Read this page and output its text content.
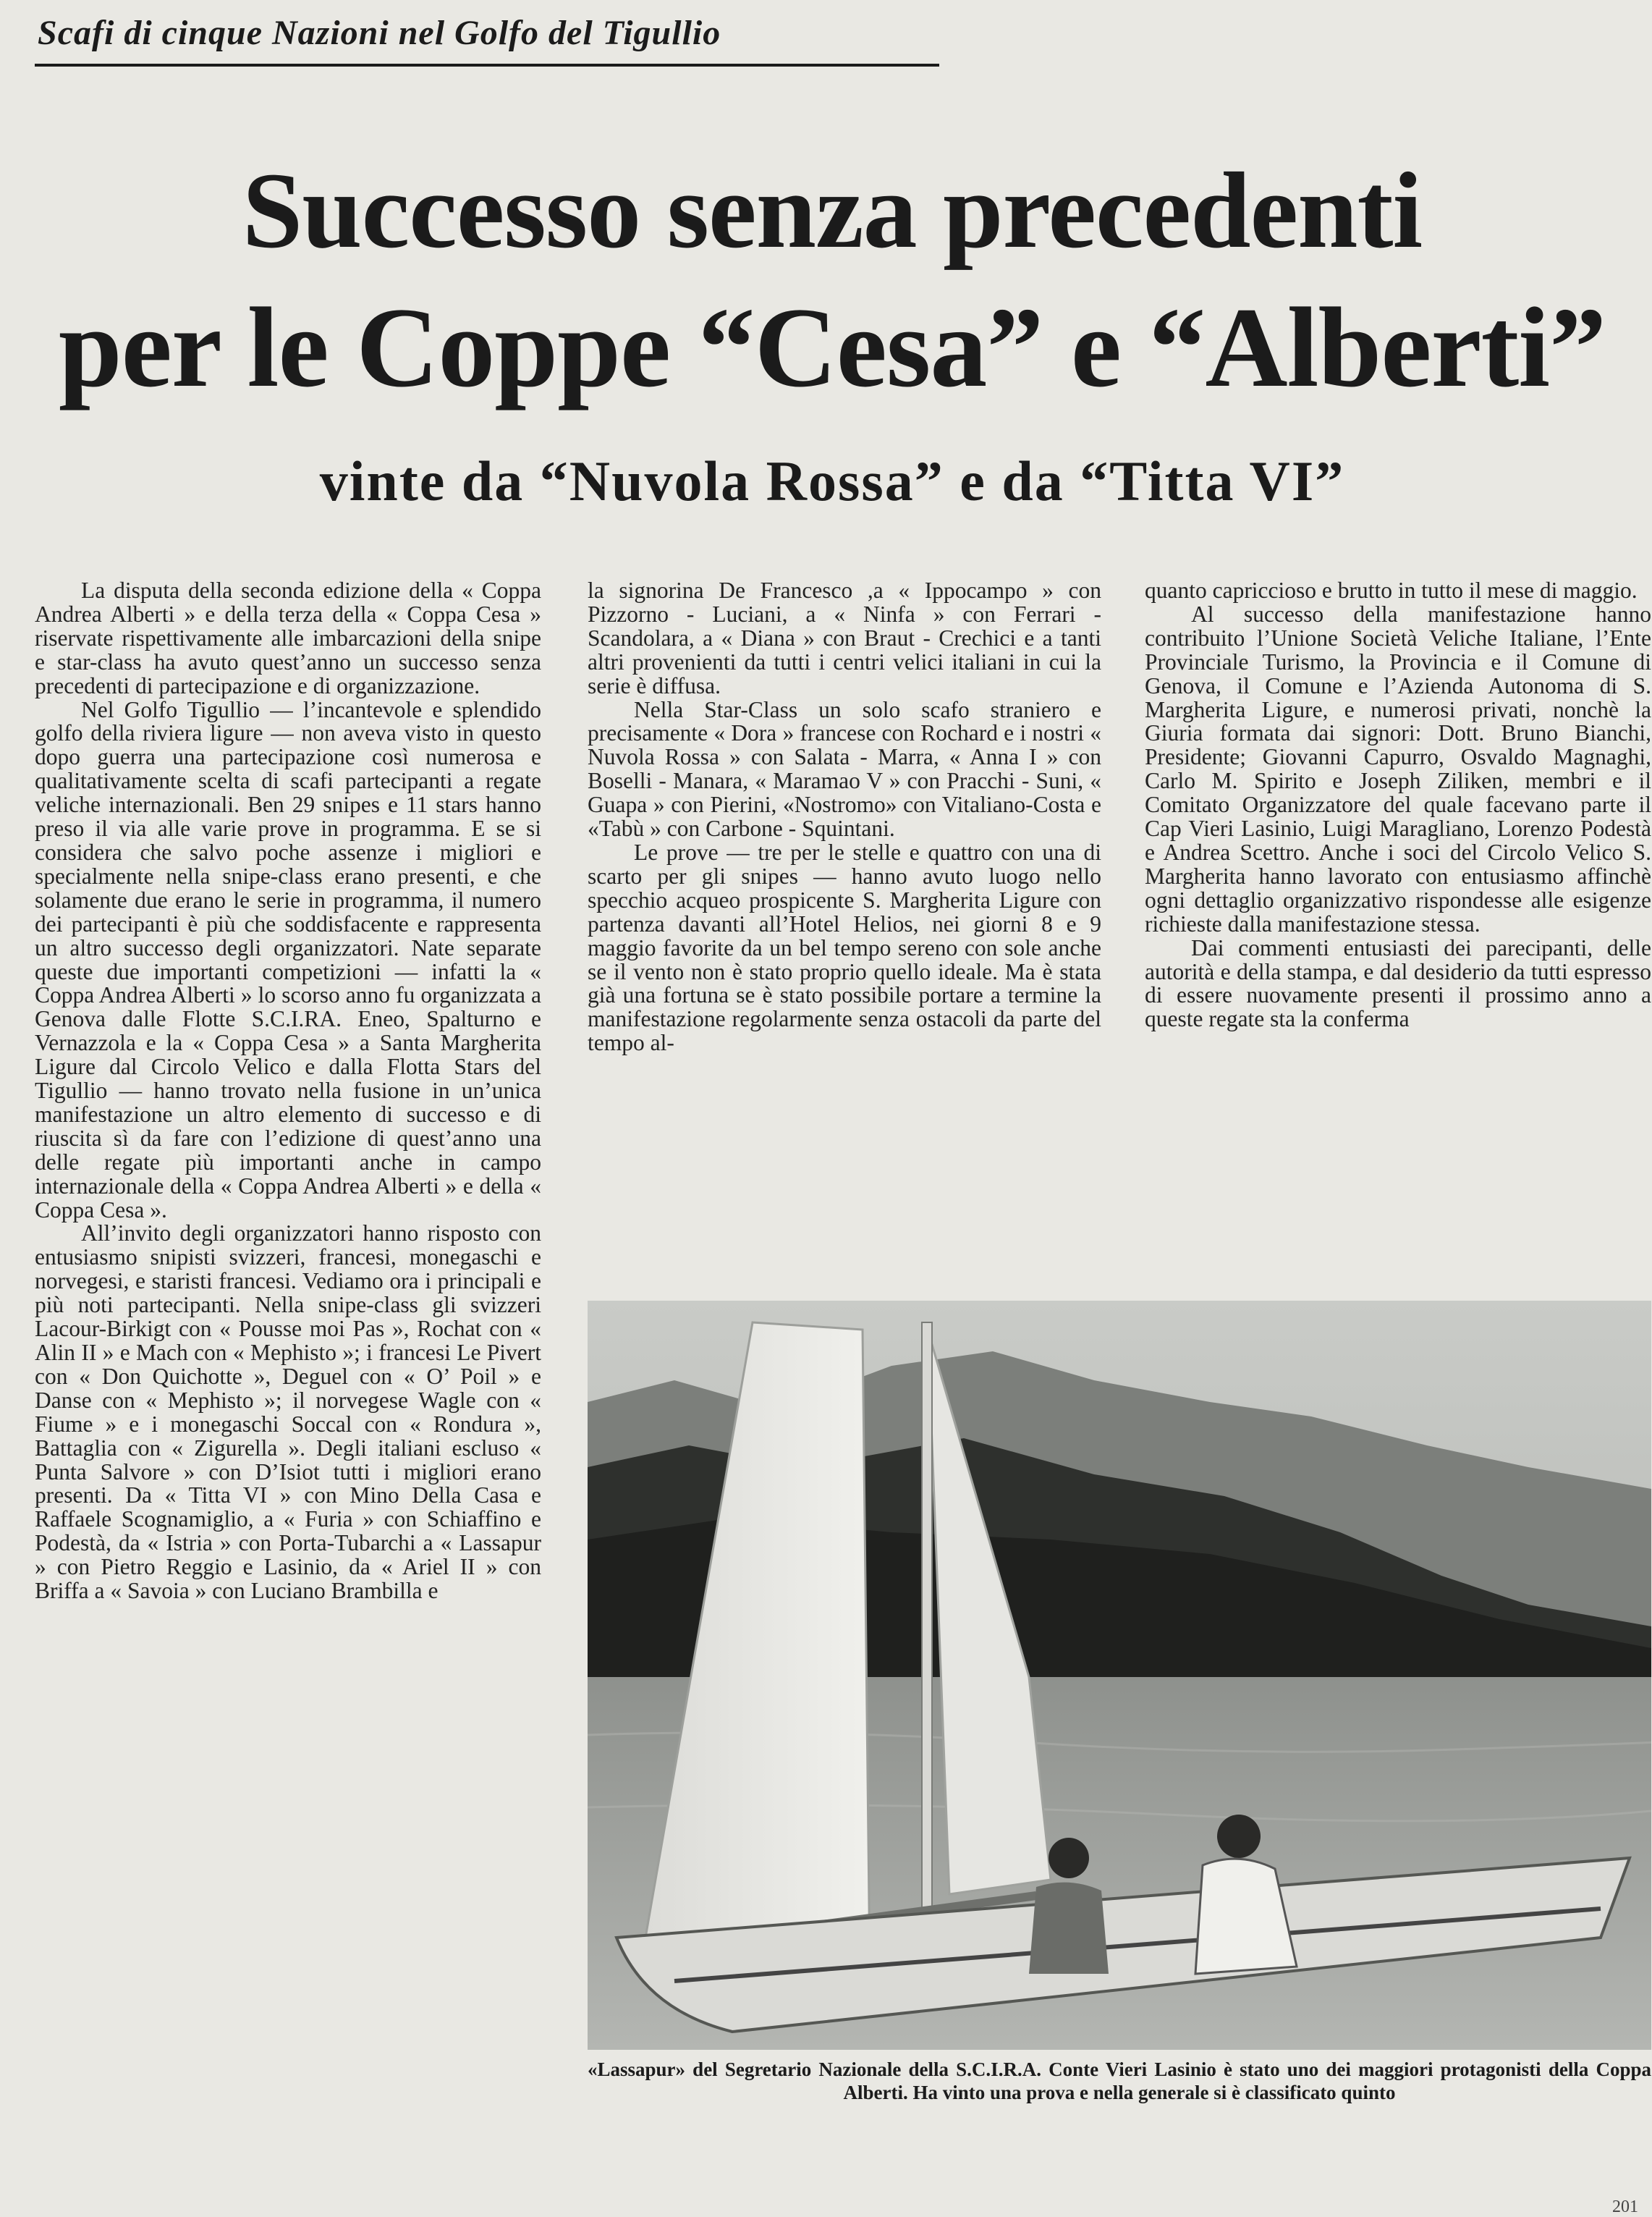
Scafi di cinque Nazioni nel Golfo del Tigullio
Successo senza precedenti
per le Coppe “Cesa” e “Alberti”
vinte da “Nuvola Rossa” e da “Titta VI”

La disputa della seconda edizione della « Coppa Andrea Alberti » e della terza della « Coppa Cesa » riservate rispettivamente alle imbarcazioni della snipe e star-class ha avuto quest’anno un successo senza precedenti di partecipazione e di organizzazione.

Nel Golfo Tigullio — l’incantevole e splendido golfo della riviera ligure — non aveva visto in questo dopo guerra una partecipazione così numerosa e qualitativamente scelta di scafi partecipanti a regate veliche internazionali. Ben 29 snipes e 11 stars hanno preso il via alle varie prove in programma. E se si considera che salvo poche assenze i migliori e specialmente nella snipe-class erano presenti, e che solamente due erano le serie in programma, il numero dei partecipanti è più che soddisfacente e rappresenta un altro successo degli organizzatori. Nate separate queste due importanti competizioni — infatti la « Coppa Andrea Alberti » lo scorso anno fu organizzata a Genova dalle Flotte S.C.I.RA. Eneo, Spalturno e Vernazzola e la « Coppa Cesa » a Santa Margherita Ligure dal Circolo Velico e dalla Flotta Stars del Tigullio — hanno trovato nella fusione in un’unica manifestazione un altro elemento di successo e di riuscita sì da fare con l’edizione di quest’anno una delle regate più importanti anche in campo internazionale della « Coppa Andrea Alberti » e della « Coppa Cesa ».

All’invito degli organizzatori hanno risposto con entusiasmo snipisti svizzeri, francesi, monegaschi e norvegesi, e staristi francesi. Vediamo ora i principali e più noti partecipanti. Nella snipe-class gli svizzeri Lacour-Birkigt con « Pousse moi Pas », Rochat con « Alin II » e Mach con « Mephisto »; i francesi Le Pivert con « Don Quichotte », Deguel con « O’ Poil » e Danse con « Mephisto »; il norvegese Wagle con « Fiume » e i monegaschi Soccal con « Rondura », Battaglia con « Zigurella ». Degli italiani escluso « Punta Salvore » con D’Isiot tutti i migliori erano presenti. Da « Titta VI » con Mino Della Casa e Raffaele Scognamiglio, a « Furia » con Schiaffino e Podestà, da « Istria » con Porta-Tubarchi a « Lassapur » con Pietro Reggio e Lasinio, da « Ariel II » con Briffa a « Savoia » con Luciano Brambilla e

la signorina De Francesco ,a « Ippocampo » con Pizzorno - Luciani, a « Ninfa » con Ferrari - Scandolara, a « Diana » con Braut - Crechici e a tanti altri provenienti da tutti i centri velici italiani in cui la serie è diffusa.

Nella Star-Class un solo scafo straniero e precisamente « Dora » francese con Rochard e i nostri « Nuvola Rossa » con Salata - Marra, « Anna I » con Boselli - Manara, « Maramao V » con Pracchi - Suni, « Guapa » con Pierini, «Nostromo» con Vitaliano-Costa e «Tabù » con Carbone - Squintani.

Le prove — tre per le stelle e quattro con una di scarto per gli snipes — hanno avuto luogo nello specchio acqueo prospicente S. Margherita Ligure con partenza davanti all’Hotel Helios, nei giorni 8 e 9 maggio favorite da un bel tempo sereno con sole anche se il vento non è stato proprio quello ideale. Ma è stata già una fortuna se è stato possibile portare a termine la manifestazione regolarmente senza ostacoli da parte del tempo al-

quanto capriccioso e brutto in tutto il mese di maggio.

Al successo della manifestazione hanno contribuito l’Unione Società Veliche Italiane, l’Ente Provinciale Turismo, la Provincia e il Comune di Genova, il Comune e l’Azienda Autonoma di S. Margherita Ligure, e numerosi privati, nonchè la Giuria formata dai signori: Dott. Bruno Bianchi, Presidente; Giovanni Capurro, Osvaldo Magnaghi, Carlo M. Spirito e Joseph Ziliken, membri e il Comitato Organizzatore del quale facevano parte il Cap Vieri Lasinio, Luigi Maragliano, Lorenzo Podestà e Andrea Scettro. Anche i soci del Circolo Velico S. Margherita hanno lavorato con entusiasmo affinchè ogni dettaglio organizzativo rispondesse alle esigenze richieste dalla manifestazione stessa.

Dai commenti entusiasti dei parecipanti, delle autorità e della stampa, e dal desiderio da tutti espresso di essere nuovamente presenti il prossimo anno a queste regate sta la conferma

«Lassapur» del Segretario Nazionale della S.C.I.R.A. Conte Vieri Lasinio è stato uno dei maggiori protagonisti della Coppa Alberti. Ha vinto una prova e nella generale si è classificato quinto
201
